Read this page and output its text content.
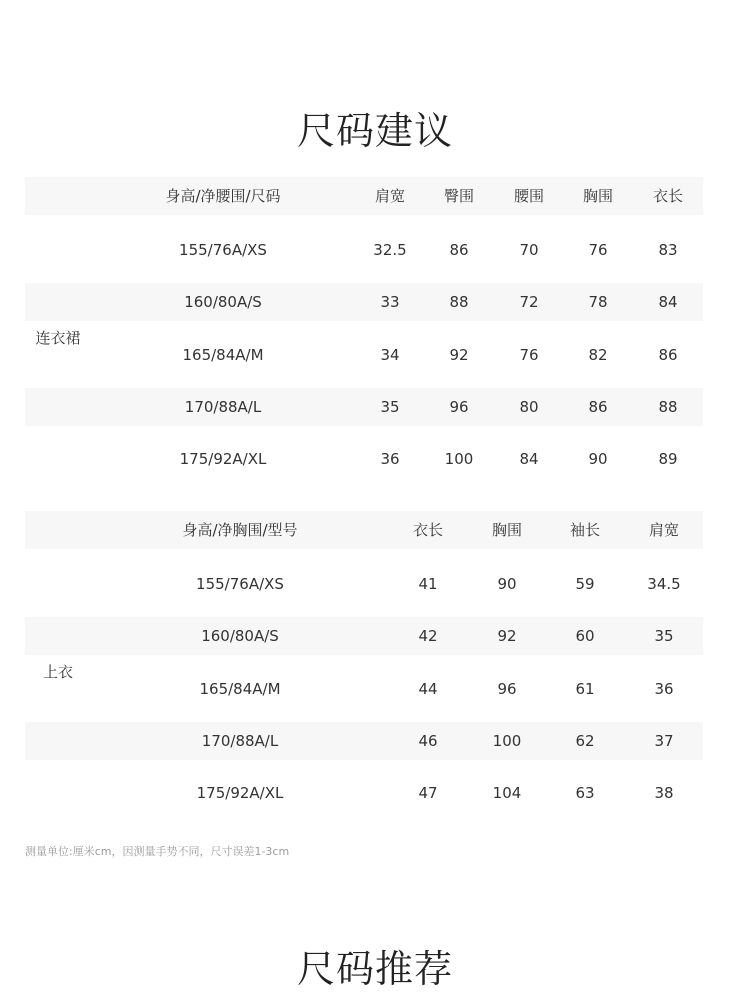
尺码建议
连衣裙
身高/净腰围/尺码	肩宽	臀围	腰围	胸围	衣长
155/76A/XS	32.5	86	70	76	83
160/80A/S	33	88	72	78	84
165/84A/M	34	92	76	82	86
170/88A/L	35	96	80	86	88
175/92A/XL	36	100	84	90	89
上衣
身高/净胸围/型号	衣长	胸围	袖长	肩宽
155/76A/XS	41	90	59	34.5
160/80A/S	42	92	60	35
165/84A/M	44	96	61	36
170/88A/L	46	100	62	37
175/92A/XL	47	104	63	38
测量单位:厘米cm，因测量手势不同，尺寸误差1-3cm
尺码推荐
